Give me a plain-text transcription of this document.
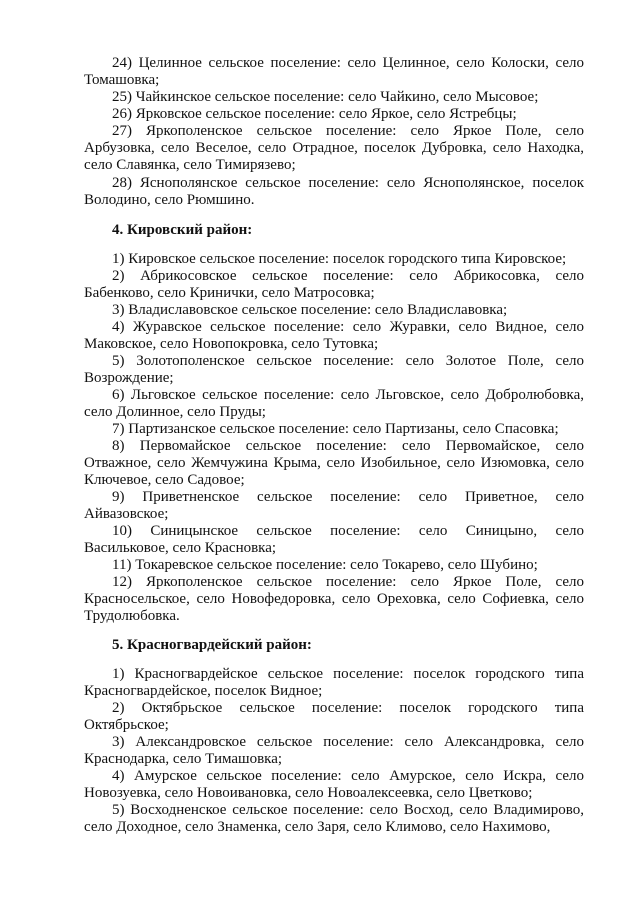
24) Целинное сельское поселение: село Целинное, село Колоски, село Томашовка;

25) Чайкинское сельское поселение: село Чайкино, село Мысовое;

26) Ярковское сельское поселение: село Яркое, село Ястребцы;

27) Яркополенское сельское поселение: село Яркое Поле, село Арбузовка, село Веселое, село Отрадное, поселок Дубровка, село Находка, село Славянка, село Тимирязево;

28) Яснополянское сельское поселение: село Яснополянское, поселок Володино, село Рюмшино.

4. Кировский район:

1) Кировское сельское поселение: поселок городского типа Кировское;

2) Абрикосовское сельское поселение: село Абрикосовка, село Бабенково, село Кринички, село Матросовка;

3) Владиславовское сельское поселение: село Владиславовка;

4) Журавское сельское поселение: село Журавки, село Видное, село Маковское, село Новопокровка, село Тутовка;

5) Золотополенское сельское поселение: село Золотое Поле, село Возрождение;

6) Льговское сельское поселение: село Льговское, село Добролюбовка, село Долинное, село Пруды;

7) Партизанское сельское поселение: село Партизаны, село Спасовка;

8) Первомайское сельское поселение: село Первомайское, село Отважное, село Жемчужина Крыма, село Изобильное, село Изюмовка, село Ключевое, село Садовое;

9) Приветненское сельское поселение: село Приветное, село Айвазовское;

10) Синицынское сельское поселение: село Синицыно, село Васильковое, село Красновка;

11) Токаревское сельское поселение: село Токарево, село Шубино;

12) Яркополенское сельское поселение: село Яркое Поле, село Красносельское, село Новофедоровка, село Ореховка, село Софиевка, село Трудолюбовка.

5. Красногвардейский район:

1) Красногвардейское сельское поселение: поселок городского типа Красногвардейское, поселок Видное;

2) Октябрьское сельское поселение: поселок городского типа Октябрьское;

3) Александровское сельское поселение: село Александровка, село Краснодарка, село Тимашовка;

4) Амурское сельское поселение: село Амурское, село Искра, село Новозуевка, село Новоивановка, село Новоалексеевка, село Цветково;

5) Восходненское сельское поселение: село Восход, село Владимирово, село Доходное, село Знаменка, село Заря, село Климово, село Нахимово,
